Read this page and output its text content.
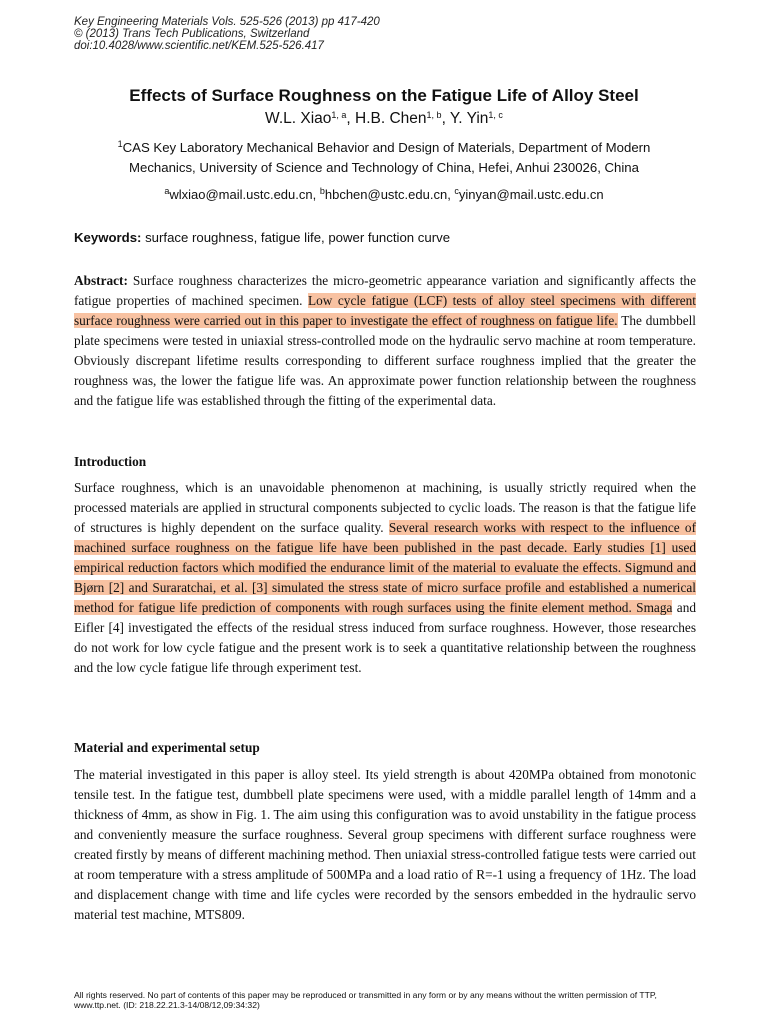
Key Engineering Materials Vols. 525-526 (2013) pp 417-420
© (2013) Trans Tech Publications, Switzerland
doi:10.4028/www.scientific.net/KEM.525-526.417
Effects of Surface Roughness on the Fatigue Life of Alloy Steel
W.L. Xiao$^{1, a}$, H.B. Chen$^{1, b}$, Y. Yin$^{1, c}$
$^1$CAS Key Laboratory Mechanical Behavior and Design of Materials, Department of Modern
Mechanics, University of Science and Technology of China, Hefei, Anhui 230026, China
$^a$wlxiao@mail.ustc.edu.cn, $^b$hbchen@ustc.edu.cn, $^c$yinyan@mail.ustc.edu.cn
Keywords: surface roughness, fatigue life, power function curve
Abstract: Surface roughness characterizes the micro-geometric appearance variation and significantly affects the fatigue properties of machined specimen. Low cycle fatigue (LCF) tests of alloy steel specimens with different surface roughness were carried out in this paper to investigate the effect of roughness on fatigue life. The dumbbell plate specimens were tested in uniaxial stress-controlled mode on the hydraulic servo machine at room temperature. Obviously discrepant lifetime results corresponding to different surface roughness implied that the greater the roughness was, the lower the fatigue life was. An approximate power function relationship between the roughness and the fatigue life was established through the fitting of the experimental data.
Introduction
Surface roughness, which is an unavoidable phenomenon at machining, is usually strictly required when the processed materials are applied in structural components subjected to cyclic loads. The reason is that the fatigue life of structures is highly dependent on the surface quality. Several research works with respect to the influence of machined surface roughness on the fatigue life have been published in the past decade. Early studies [1] used empirical reduction factors which modified the endurance limit of the material to evaluate the effects. Sigmund and Bjørn [2] and Suraratchai, et al. [3] simulated the stress state of micro surface profile and established a numerical method for fatigue life prediction of components with rough surfaces using the finite element method. Smaga and Eifler [4] investigated the effects of the residual stress induced from surface roughness. However, those researches do not work for low cycle fatigue and the present work is to seek a quantitative relationship between the roughness and the low cycle fatigue life through experiment test.
Material and experimental setup
The material investigated in this paper is alloy steel. Its yield strength is about 420MPa obtained from monotonic tensile test. In the fatigue test, dumbbell plate specimens were used, with a middle parallel length of 14mm and a thickness of 4mm, as show in Fig. 1. The aim using this configuration was to avoid unstability in the fatigue process and conveniently measure the surface roughness. Several group specimens with different surface roughness were created firstly by means of different machining method. Then uniaxial stress-controlled fatigue tests were carried out at room temperature with a stress amplitude of 500MPa and a load ratio of R=-1 using a frequency of 1Hz. The load and displacement change with time and life cycles were recorded by the sensors embedded in the hydraulic servo material test machine, MTS809.
All rights reserved. No part of contents of this paper may be reproduced or transmitted in any form or by any means without the written permission of TTP,
www.ttp.net. (ID: 218.22.21.3-14/08/12,09:34:32)
